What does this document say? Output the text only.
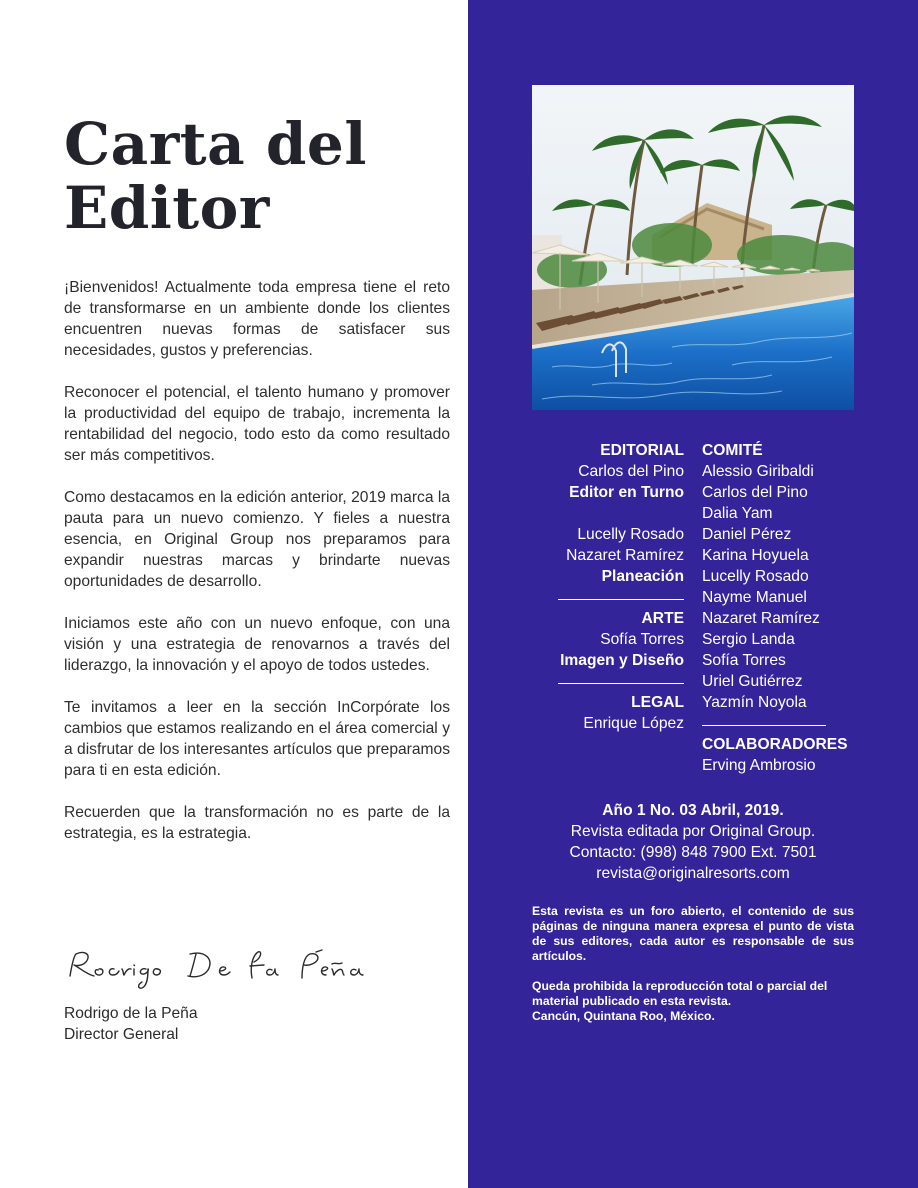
Carta del
Editor

¡Bienvenidos! Actualmente toda empresa tiene el reto de transformarse en un ambiente donde los clientes encuentren nuevas formas de satisfacer sus necesidades, gustos y preferencias.

Reconocer el potencial, el talento humano y promover la productividad del equipo de trabajo, incrementa la rentabilidad del negocio, todo esto da como resultado ser más competitivos.

Como destacamos en la edición anterior, 2019 marca la pauta para un nuevo comienzo. Y fieles a nuestra esencia, en Original Group nos preparamos para expandir nuestras marcas y brindarte nuevas oportunidades de desarrollo.

Iniciamos este año con un nuevo enfoque, con una visión y una estrategia de renovarnos a través del liderazgo, la innovación y el apoyo de todos ustedes.

Te invitamos a leer en la sección InCorpórate los cambios que estamos realizando en el área comercial y a disfrutar de los interesantes artículos que preparamos para ti en esta edición.

Recuerden que la transformación no es parte de la estrategia, es la estrategia.

Rodrigo de la Peña
Director General
EDITORIAL
Carlos del Pino
Editor en Turno
Lucelly Rosado
Nazaret Ramírez
Planeación
ARTE
Sofía Torres
Imagen y Diseño
LEGAL
Enrique López
COMITÉ
Alessio Giribaldi
Carlos del Pino
Dalia Yam
Daniel Pérez
Karina Hoyuela
Lucelly Rosado
Nayme Manuel
Nazaret Ramírez
Sergio Landa
Sofía Torres
Uriel Gutiérrez
Yazmín Noyola
COLABORADORES
Erving Ambrosio
Año 1 No. 03 Abril, 2019.
Revista editada por Original Group.
Contacto: (998) 848 7900 Ext. 7501
revista@originalresorts.com

Esta revista es un foro abierto, el contenido de sus páginas de ninguna manera expresa el punto de vista de sus editores, cada autor es responsable de sus artículos.

Queda prohibida la reproducción total o parcial del material publicado en esta revista.

Cancún, Quintana Roo, México.
